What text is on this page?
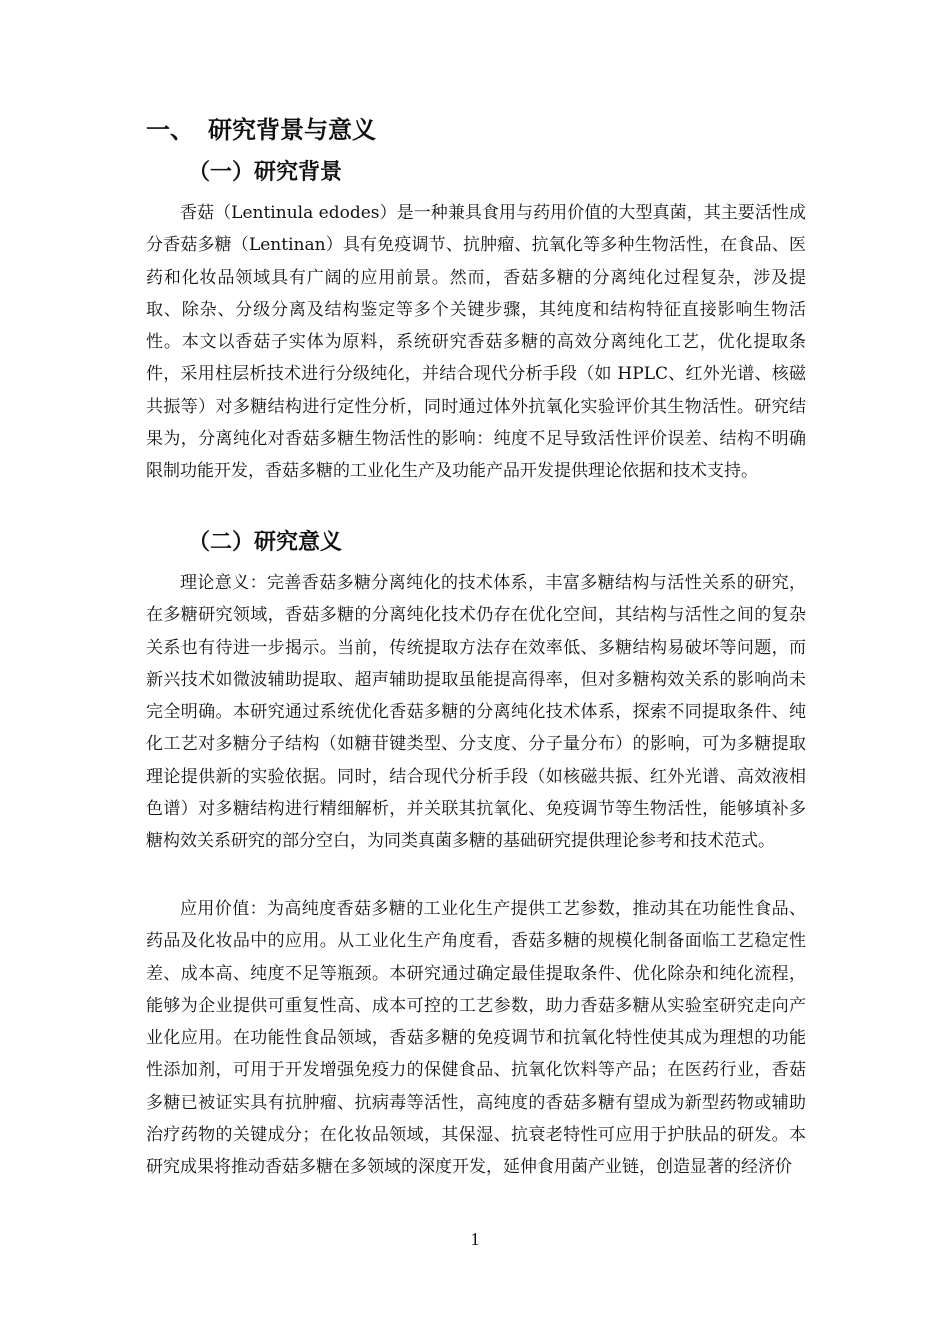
一、 研究背景与意义
（一）研究背景

香菇（Lentinula edodes）是一种兼具食用与药用价值的大型真菌，其主要活性成分香菇多糖（Lentinan）具有免疫调节、抗肿瘤、抗氧化等多种生物活性，在食品、医药和化妆品领域具有广阔的应用前景。然而，香菇多糖的分离纯化过程复杂，涉及提取、除杂、分级分离及结构鉴定等多个关键步骤，其纯度和结构特征直接影响生物活性。本文以香菇子实体为原料，系统研究香菇多糖的高效分离纯化工艺，优化提取条件，采用柱层析技术进行分级纯化，并结合现代分析手段（如 HPLC、红外光谱、核磁共振等）对多糖结构进行定性分析，同时通过体外抗氧化实验评价其生物活性。研究结果为，分离纯化对香菇多糖生物活性的影响：纯度不足导致活性评价误差、结构不明确限制功能开发，香菇多糖的工业化生产及功能产品开发提供理论依据和技术支持。

（二）研究意义

理论意义：完善香菇多糖分离纯化的技术体系，丰富多糖结构与活性关系的研究，在多糖研究领域，香菇多糖的分离纯化技术仍存在优化空间，其结构与活性之间的复杂关系也有待进一步揭示。当前，传统提取方法存在效率低、多糖结构易破坏等问题，而新兴技术如微波辅助提取、超声辅助提取虽能提高得率，但对多糖构效关系的影响尚未完全明确。本研究通过系统优化香菇多糖的分离纯化技术体系，探索不同提取条件、纯化工艺对多糖分子结构（如糖苷键类型、分支度、分子量分布）的影响，可为多糖提取理论提供新的实验依据。同时，结合现代分析手段（如核磁共振、红外光谱、高效液相色谱）对多糖结构进行精细解析，并关联其抗氧化、免疫调节等生物活性，能够填补多糖构效关系研究的部分空白，为同类真菌多糖的基础研究提供理论参考和技术范式。

应用价值：为高纯度香菇多糖的工业化生产提供工艺参数，推动其在功能性食品、药品及化妆品中的应用。从工业化生产角度看，香菇多糖的规模化制备面临工艺稳定性差、成本高、纯度不足等瓶颈。本研究通过确定最佳提取条件、优化除杂和纯化流程，能够为企业提供可重复性高、成本可控的工艺参数，助力香菇多糖从实验室研究走向产业化应用。在功能性食品领域，香菇多糖的免疫调节和抗氧化特性使其成为理想的功能性添加剂，可用于开发增强免疫力的保健食品、抗氧化饮料等产品；在医药行业，香菇多糖已被证实具有抗肿瘤、抗病毒等活性，高纯度的香菇多糖有望成为新型药物或辅助治疗药物的关键成分；在化妆品领域，其保湿、抗衰老特性可应用于护肤品的研发。本研究成果将推动香菇多糖在多领域的深度开发，延伸食用菌产业链，创造显著的经济价

1
